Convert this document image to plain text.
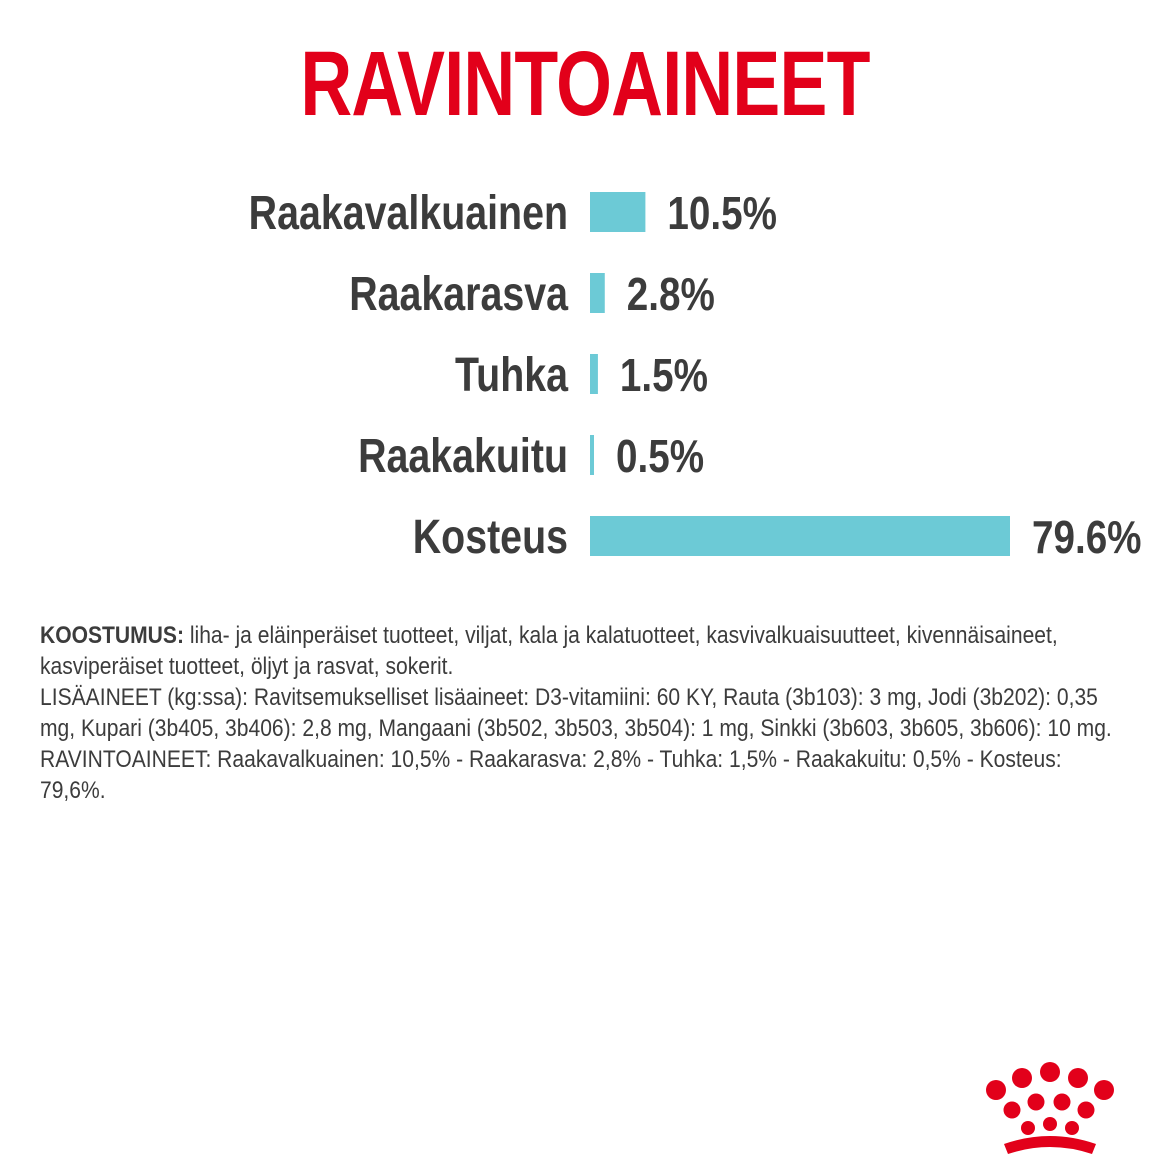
RAVINTOAINEET
Raakavalkuainen 10.5%
Raakarasva 2.8%
Tuhka 1.5%
Raakakuitu 0.5%
Kosteus	79.6%

KOOSTUMUS: liha- ja eläinperäiset tuotteet, viljat, kala ja kalatuotteet, kasvivalkuaisuutteet, kivennäisaineet, kasviperäiset tuotteet, öljyt ja rasvat, sokerit.

LISÄAINEET (kg:ssa): Ravitsemukselliset lisäaineet: D3-vitamiini: 60 KY, Rauta (3b103): 3 mg, Jodi (3b202): 0,35 mg, Kupari (3b405, 3b406): 2,8 mg, Mangaani (3b502, 3b503, 3b504): 1 mg, Sinkki (3b603, 3b605, 3b606): 10 mg.

RAVINTOAINEET: Raakavalkuainen: 10,5% - Raakarasva: 2,8% - Tuhka: 1,5% - Raakakuitu: 0,5% - Kosteus: 79,6%.
